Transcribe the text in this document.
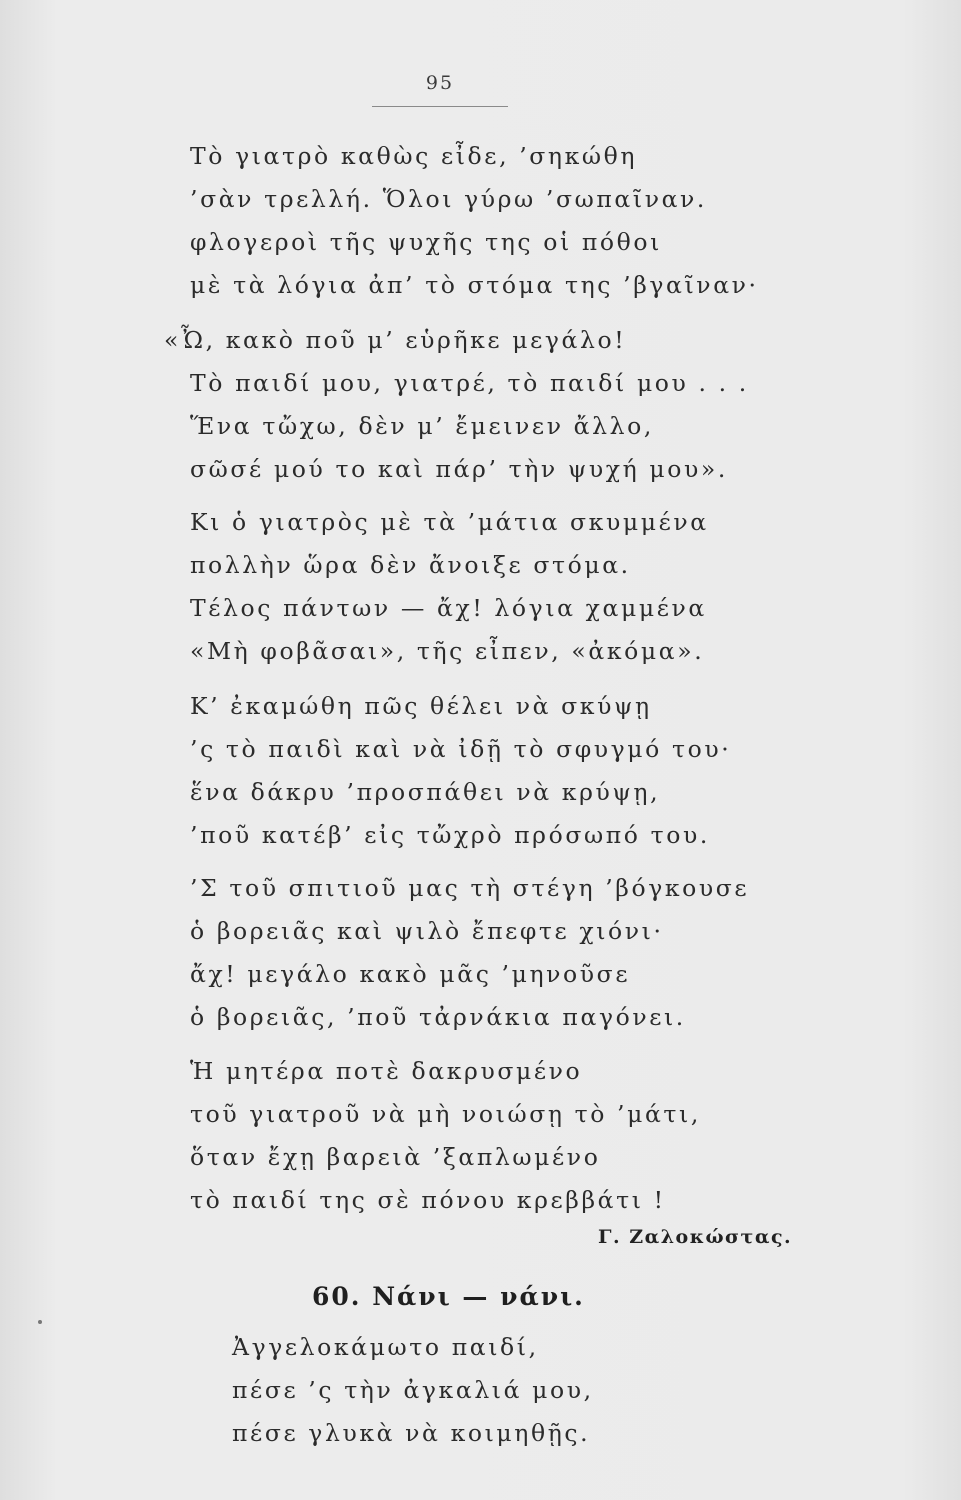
95
Τὸ γιατρὸ καθὼς εἶδε, ’σηκώθη
’σὰν τρελλή. Ὅλοι γύρω ’σωπαῖναν.
φλογεροὶ τῆς ψυχῆς της οἱ πόθοι
μὲ τὰ λόγια ἀπ’ τὸ στόμα της ’βγαῖναν·
«Ὦ, κακὸ ποῦ μ’ εὑρῆκε μεγάλο!
Τὸ παιδί μου, γιατρέ, τὸ παιδί μου . . .
Ἕνα τὤχω, δὲν μ’ ἔμεινεν ἄλλο,
σῶσέ μού το καὶ πάρ’ τὴν ψυχή μου».
Κι ὁ γιατρὸς μὲ τὰ ’μάτια σκυμμένα
πολλὴν ὥρα δὲν ἄνοιξε στόμα.
Τέλος πάντων — ἄχ! λόγια χαμμένα
«Μὴ φοβᾶσαι», τῆς εἶπεν, «ἀκόμα».
Κ’ ἐκαμώθη πῶς θέλει νὰ σκύψῃ
’ς τὸ παιδὶ καὶ νὰ ἰδῇ τὸ σφυγμό του·
ἕνα δάκρυ ’προσπάθει νὰ κρύψῃ,
’ποῦ κατέβ’ εἰς τὤχρὸ πρόσωπό του.
’Σ τοῦ σπιτιοῦ μας τὴ στέγη ’βόγκουσε
ὁ βορειᾶς καὶ ψιλὸ ἔπεφτε χιόνι·
ἄχ! μεγάλο κακὸ μᾶς ’μηνοῦσε
ὁ βορειᾶς, ’ποῦ τἀρνάκια παγόνει.
Ἡ μητέρα ποτὲ δακρυσμένο
τοῦ γιατροῦ νὰ μὴ νοιώσῃ τὸ ’μάτι,
ὅταν ἔχῃ βαρειὰ ’ξαπλωμένο
τὸ παιδί της σὲ πόνου κρεββάτι !
Γ. Ζαλοκώστας.
60. Νάνι — νάνι.
Ἀγγελοκάμωτο παιδί,
πέσε ’ς τὴν ἀγκαλιά μου,
πέσε γλυκὰ νὰ κοιμηθῇς.
